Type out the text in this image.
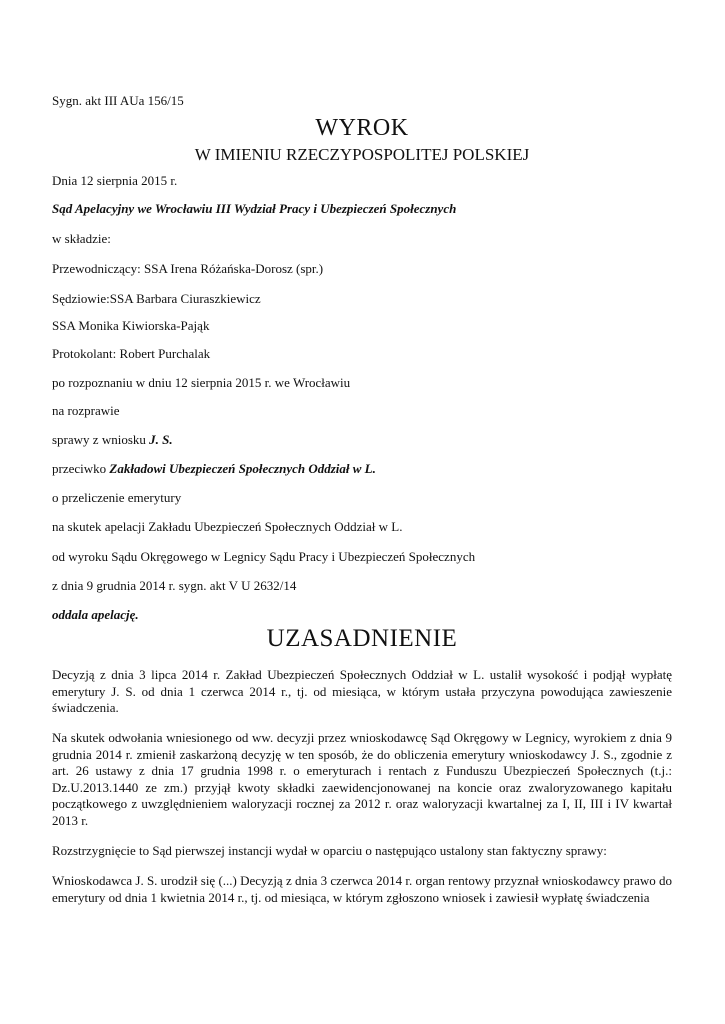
Sygn. akt III AUa 156/15
WYROK
W IMIENIU RZECZYPOSPOLITEJ POLSKIEJ
Dnia 12 sierpnia 2015 r.
Sąd Apelacyjny we Wrocławiu III Wydział Pracy i Ubezpieczeń Społecznych
w składzie:
Przewodniczący: SSA Irena Różańska-Dorosz (spr.)
Sędziowie:SSA Barbara Ciuraszkiewicz
SSA Monika Kiwiorska-Pająk
Protokolant: Robert Purchalak
po rozpoznaniu w dniu 12 sierpnia 2015 r. we Wrocławiu
na rozprawie
sprawy z wniosku J. S.
przeciwko Zakładowi Ubezpieczeń Społecznych Oddział w L.
o przeliczenie emerytury
na skutek apelacji Zakładu Ubezpieczeń Społecznych Oddział w L.
od wyroku Sądu Okręgowego w Legnicy Sądu Pracy i Ubezpieczeń Społecznych
z dnia 9 grudnia 2014 r. sygn. akt V U 2632/14
oddala apelację.
UZASADNIENIE
Decyzją z dnia 3 lipca 2014 r. Zakład Ubezpieczeń Społecznych Oddział w L. ustalił wysokość i podjął wypłatę emerytury J. S. od dnia 1 czerwca 2014 r., tj. od miesiąca, w którym ustała przyczyna powodująca zawieszenie świadczenia.
Na skutek odwołania wniesionego od ww. decyzji przez wnioskodawcę Sąd Okręgowy w Legnicy, wyrokiem z dnia 9 grudnia 2014 r. zmienił zaskarżoną decyzję w ten sposób, że do obliczenia emerytury wnioskodawcy J. S., zgodnie z art. 26 ustawy z dnia 17 grudnia 1998 r. o emeryturach i rentach z Funduszu Ubezpieczeń Społecznych (t.j.: Dz.U.2013.1440 ze zm.) przyjął kwoty składki zaewidencjonowanej na koncie oraz zwaloryzowanego kapitału początkowego z uwzględnieniem waloryzacji rocznej za 2012 r. oraz waloryzacji kwartalnej za I, II, III i IV kwartał 2013 r.
Rozstrzygnięcie to Sąd pierwszej instancji wydał w oparciu o następująco ustalony stan faktyczny sprawy:
Wnioskodawca J. S. urodził się (...) Decyzją z dnia 3 czerwca 2014 r. organ rentowy przyznał wnioskodawcy prawo do emerytury od dnia 1 kwietnia 2014 r., tj. od miesiąca, w którym zgłoszono wniosek i zawiesił wypłatę świadczenia
